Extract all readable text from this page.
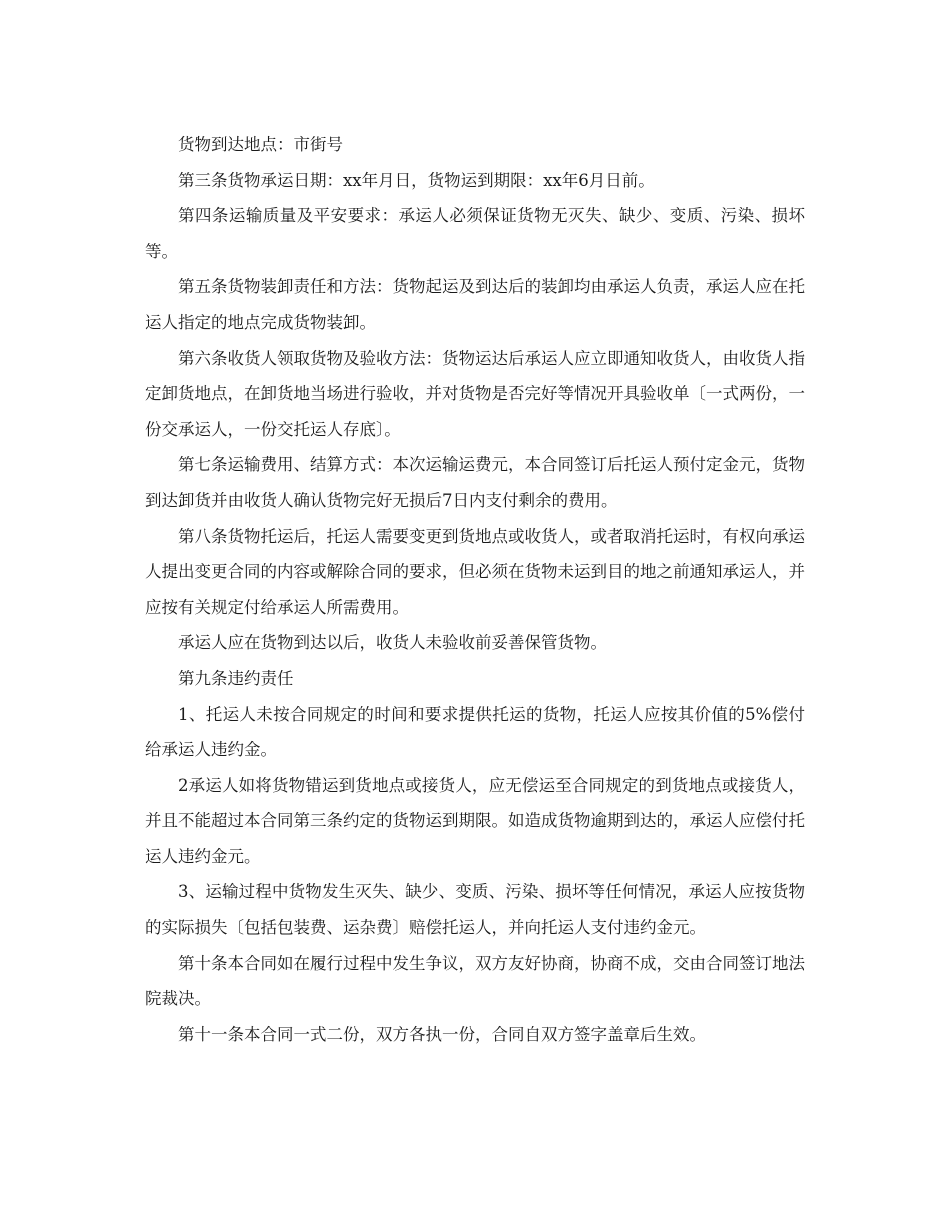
货物到达地点：市街号

第三条货物承运日期：xx年月日，货物运到期限：xx年6月日前。

第四条运输质量及平安要求：承运人必须保证货物无灭失、缺少、变质、污染、损坏等。

第五条货物装卸责任和方法：货物起运及到达后的装卸均由承运人负责，承运人应在托运人指定的地点完成货物装卸。

第六条收货人领取货物及验收方法：货物运达后承运人应立即通知收货人，由收货人指定卸货地点，在卸货地当场进行验收，并对货物是否完好等情况开具验收单〔一式两份，一份交承运人，一份交托运人存底〕。

第七条运输费用、结算方式：本次运输运费元，本合同签订后托运人预付定金元，货物到达卸货并由收货人确认货物完好无损后7日内支付剩余的费用。

第八条货物托运后，托运人需要变更到货地点或收货人，或者取消托运时，有权向承运人提出变更合同的内容或解除合同的要求，但必须在货物未运到目的地之前通知承运人，并应按有关规定付给承运人所需费用。

承运人应在货物到达以后，收货人未验收前妥善保管货物。

第九条违约责任

1、托运人未按合同规定的时间和要求提供托运的货物，托运人应按其价值的5%偿付给承运人违约金。

2承运人如将货物错运到货地点或接货人，应无偿运至合同规定的到货地点或接货人，并且不能超过本合同第三条约定的货物运到期限。如造成货物逾期到达的，承运人应偿付托运人违约金元。

3、运输过程中货物发生灭失、缺少、变质、污染、损坏等任何情况，承运人应按货物的实际损失〔包括包装费、运杂费〕赔偿托运人，并向托运人支付违约金元。

第十条本合同如在履行过程中发生争议，双方友好协商，协商不成，交由合同签订地法院裁决。

第十一条本合同一式二份，双方各执一份，合同自双方签字盖章后生效。
